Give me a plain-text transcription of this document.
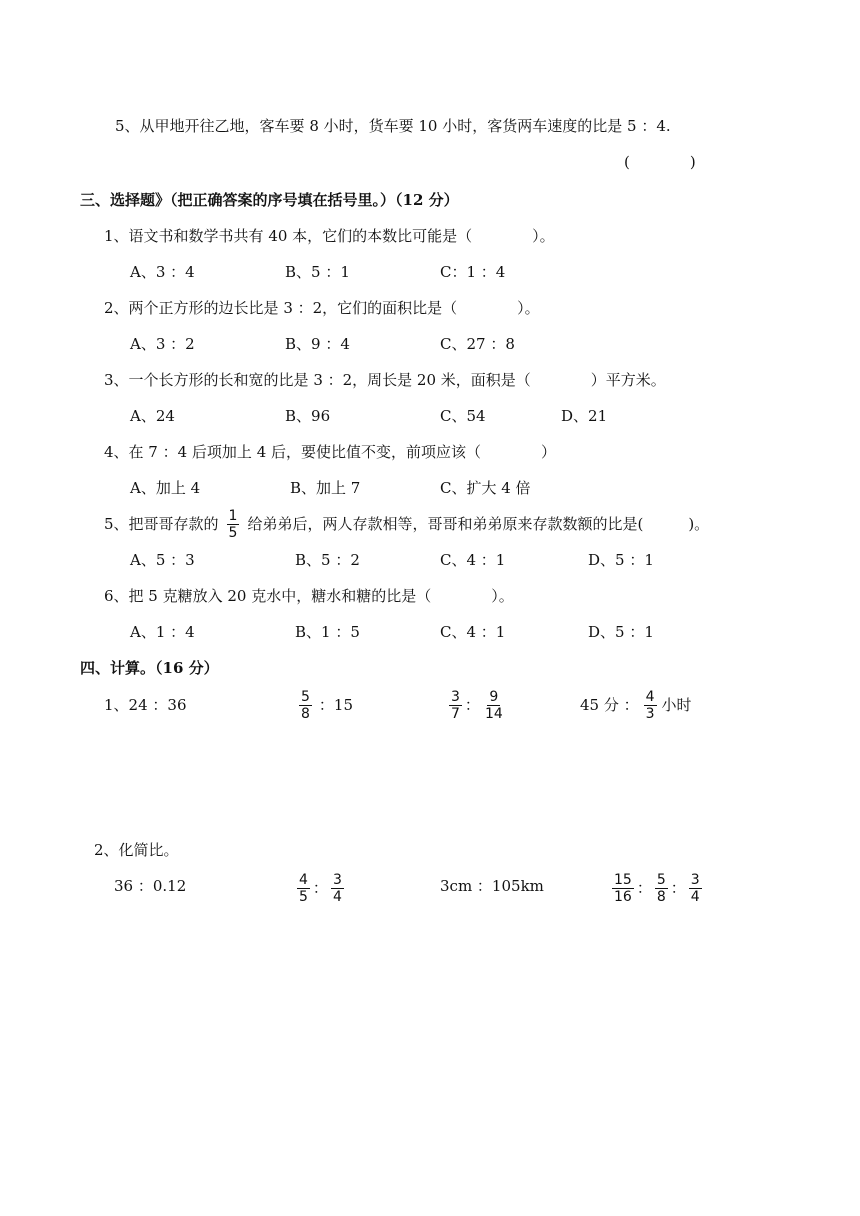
5、从甲地开往乙地，客车要 8 小时，货车要 10 小时，客货两车速度的比是 5 ：4.
(　　　　)
三、选择题》（把正确答案的序号填在括号里。）（12 分）
1、语文书和数学书共有 40 本，它们的本数比可能是（　　　　）。
A、3 ：4	B、5 ：1	C：1 ：4
2、两个正方形的边长比是 3 ：2，它们的面积比是（　　　　）。
A、3 ：2	B、9 ：4	C、27 ：8
3、一个长方形的长和宽的比是 3 ：2，周长是 20 米，面积是（　　　　）平方米。
A、24	B、96	C、54	D、21
4、在 7 ：4 后项加上 4 后，要使比值不变，前项应该（　　　　）
A、加上 4	B、加上 7	C、扩大 4 倍
5、把哥哥存款的 $\frac{1}{5}$ 给弟弟后，两人存款相等，哥哥和弟弟原来存款数额的比是(　　　)。
A、5 ：3	B、5 ：2	C、4 ：1	D、5 ：1
6、把 5 克糖放入 20 克水中，糖水和糖的比是（　　　　）。
A、1 ：4	B、1 ：5	C、4 ：1	D、5 ：1
四、计算。（16 分）
1、24 ：36	$\frac{5}{8}$ ：15	$\frac{3}{7}$ ： $\frac{9}{14}$	45 分 ： $\frac{4}{3}$ 小时
2、化简比。
36 ：0.12	$\frac{4}{5}$ ： $\frac{3}{4}$	3cm ：105km	$\frac{15}{16}$ ： $\frac{5}{8}$ ： $\frac{3}{4}$
